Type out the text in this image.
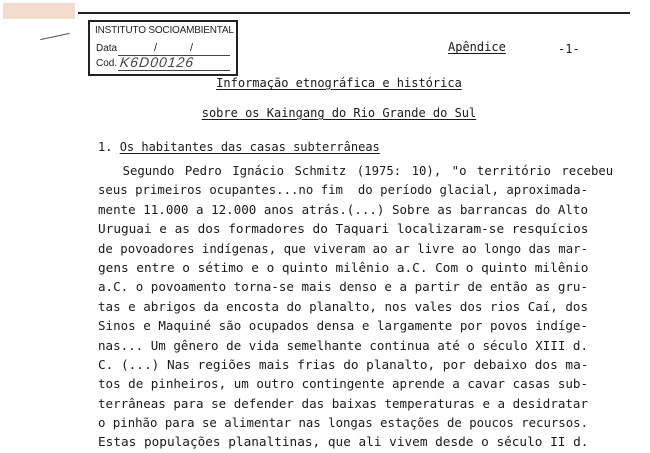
INSTITUTO SOCIOAMBIENTAL
Data	/	/
Cod. K6D00126
Apêndice	-1-
Informação etnográfica e histórica
sobre os Kaingang do Rio Grande do Sul
1. Os habitantes das casas subterrâneas
Segundo Pedro Ignácio Schmitz (1975: 10), "o território recebeu
seus primeiros ocupantes...no fim  do período glacial, aproximada-
mente 11.000 a 12.000 anos atrás.(...) Sobre as barrancas do Alto
Uruguai e as dos formadores do Taquari localizaram-se resquícios
de povoadores indígenas, que viveram ao ar livre ao longo das mar-
gens entre o sétimo e o quinto milênio a.C. Com o quinto milênio
a.C. o povoamento torna-se mais denso e a partir de então as gru-
tas e abrigos da encosta do planalto, nos vales dos rios Caí, dos
Sinos e Maquiné são ocupados densa e largamente por povos indíge-
nas... Um gênero de vida semelhante continua até o século XIII d.
C. (...) Nas regiões mais frias do planalto, por debaixo dos ma-
tos de pinheiros, um outro contingente aprende a cavar casas sub-
terrâneas para se defender das baixas temperaturas e a desidratar
o pinhão para se alimentar nas longas estações de poucos recursos.
Estas populações planaltinas, que ali vivem desde o século II d.
